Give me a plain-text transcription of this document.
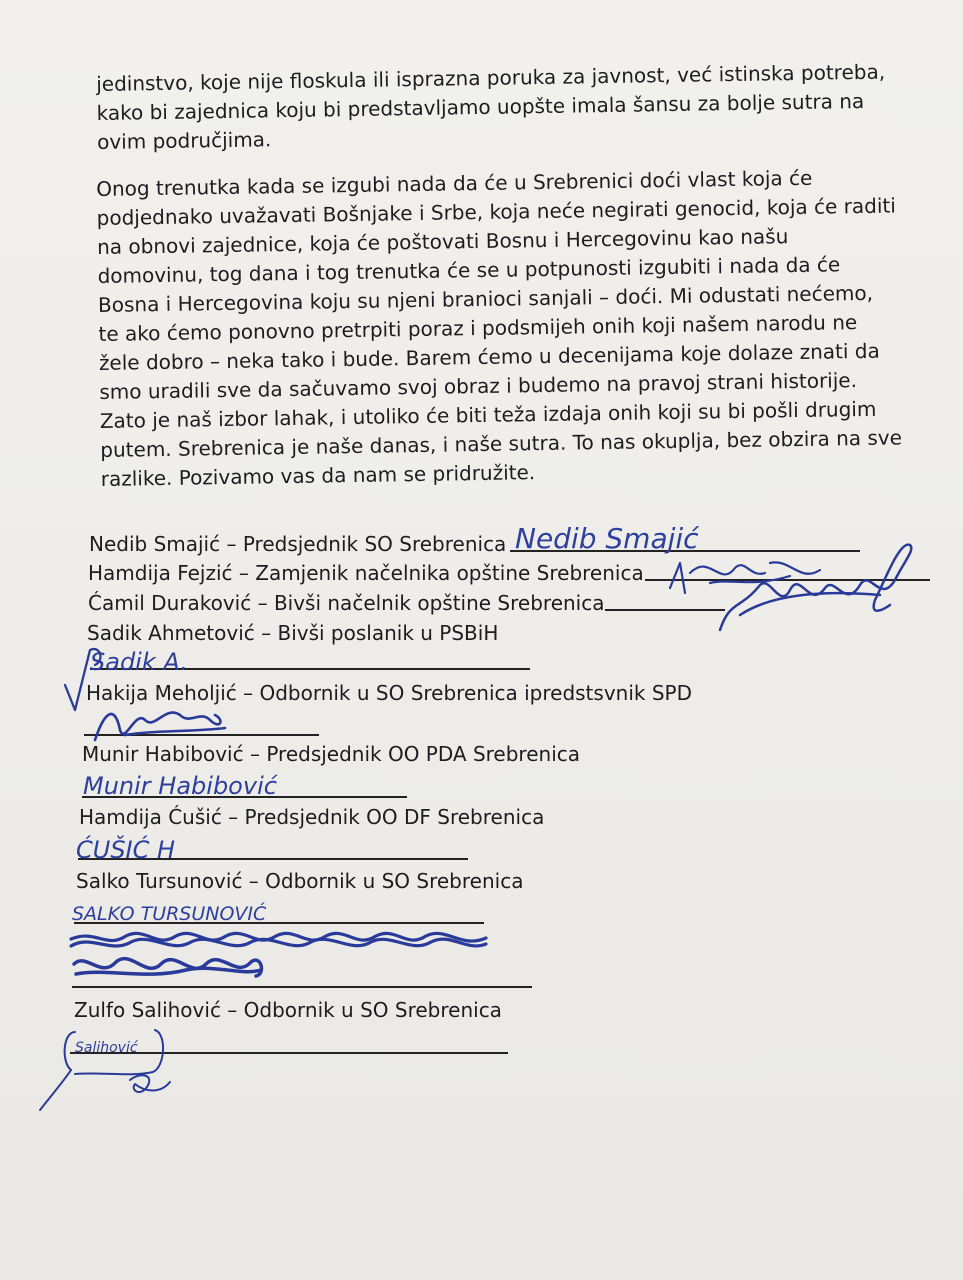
jedinstvo, koje nije floskula ili isprazna poruka za javnost, već istinska potreba,
kako bi zajednica koju bi predstavljamo uopšte imala šansu za bolje sutra na
ovim područjima.

Onog trenutka kada se izgubi nada da će u Srebrenici doći vlast koja će
podjednako uvažavati Bošnjake i Srbe, koja neće negirati genocid, koja će raditi
na obnovi zajednice, koja će poštovati Bosnu i Hercegovinu kao našu
domovinu, tog dana i tog trenutka će se u potpunosti izgubiti i nada da će
Bosna i Hercegovina koju su njeni branioci sanjali – doći. Mi odustati nećemo,
te ako ćemo ponovno pretrpiti poraz i podsmijeh onih koji našem narodu ne
žele dobro – neka tako i bude. Barem ćemo u decenijama koje dolaze znati da
smo uradili sve da sačuvamo svoj obraz i budemo na pravoj strani historije.
Zato je naš izbor lahak, i utoliko će biti teža izdaja onih koji su bi pošli drugim
putem. Srebrenica je naše danas, i naše sutra. To nas okuplja, bez obzira na sve
razlike. Pozivamo vas da nam se pridružite.

Nedib Smajić – Predsjednik SO Srebrenica
Hamdija Fejzić – Zamjenik načelnika opštine Srebrenica
Ćamil Duraković – Bivši načelnik opštine Srebrenica
Sadik Ahmetović – Bivši poslanik u PSBiH
Hakija Meholjić – Odbornik u SO Srebrenica ipredstsvnik SPD
Munir Habibović – Predsjednik OO PDA Srebrenica
Hamdija Ćušić – Predsjednik OO DF Srebrenica
Salko Tursunović – Odbornik u SO Srebrenica
Zulfo Salihović – Odbornik u SO Srebrenica
Nedib Smajić
Sadik A.
Munir Habibović
ĆUŠIĆ H
SALKO TURSUNOVIĆ
Salihović
